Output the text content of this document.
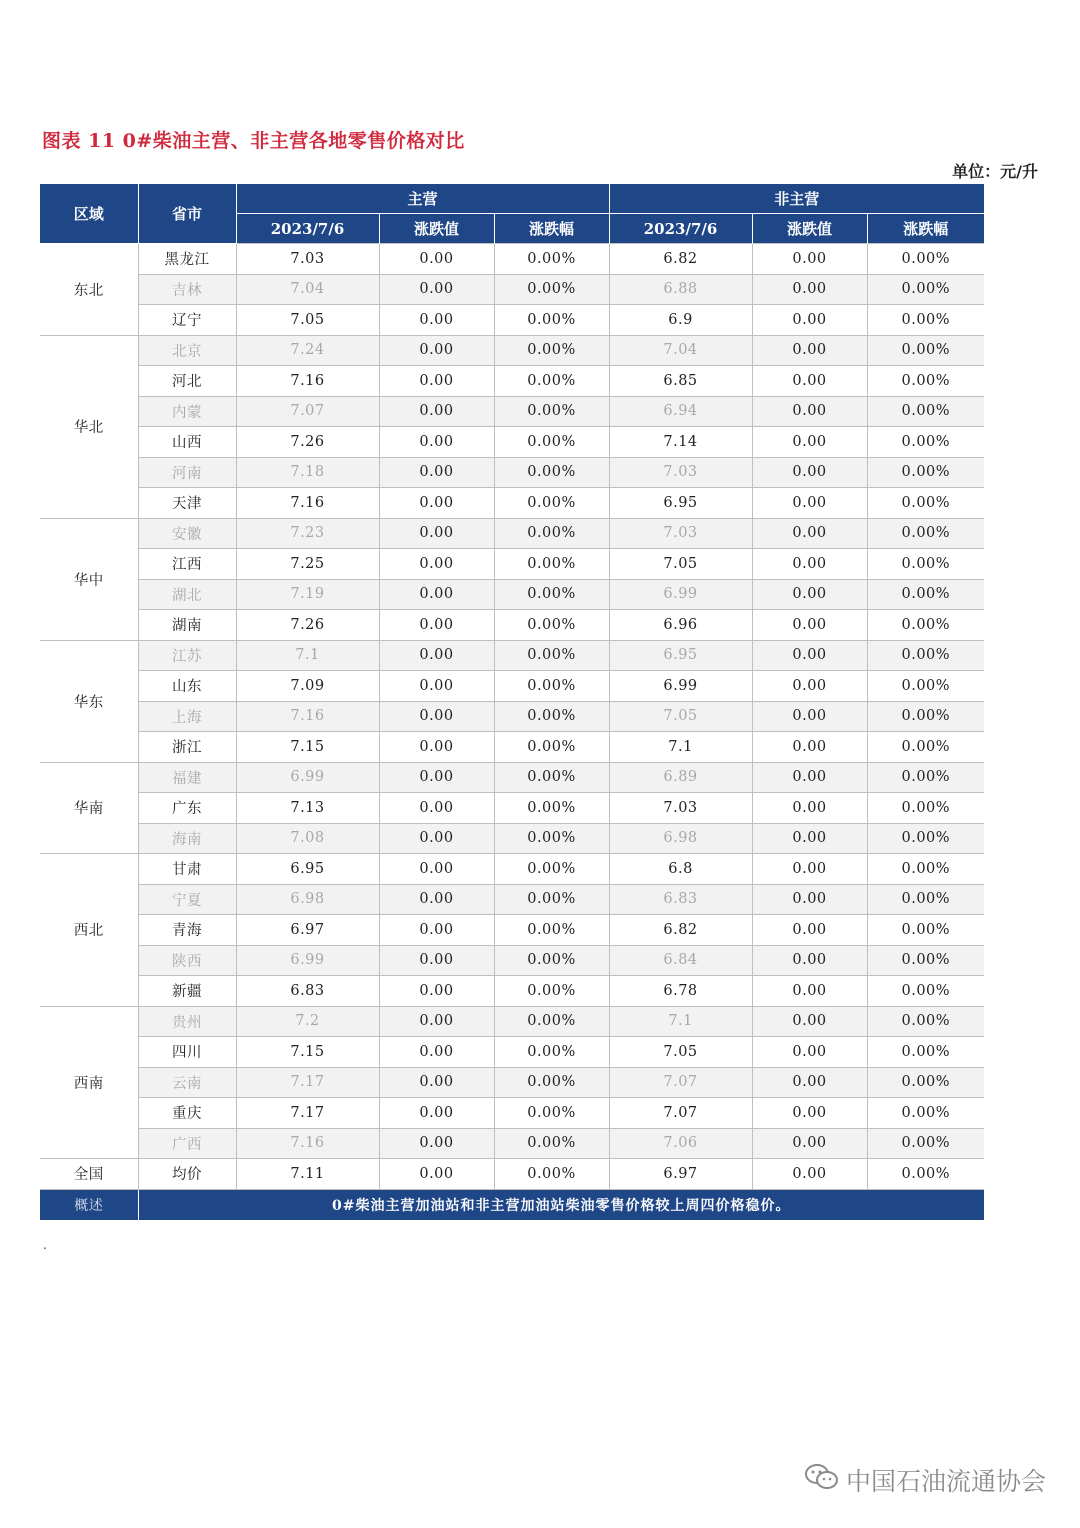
图表 11 0#柴油主营、非主营各地零售价格对比
单位：元/升
区域	省市	主营			非主营		
		2023/7/6	涨跌值	涨跌幅	2023/7/6	涨跌值	涨跌幅
东北	黑龙江	7.03	0.00	0.00%	6.82	0.00	0.00%
	吉林	7.04	0.00	0.00%	6.88	0.00	0.00%
	辽宁	7.05	0.00	0.00%	6.9	0.00	0.00%
华北	北京	7.24	0.00	0.00%	7.04	0.00	0.00%
	河北	7.16	0.00	0.00%	6.85	0.00	0.00%
	内蒙	7.07	0.00	0.00%	6.94	0.00	0.00%
	山西	7.26	0.00	0.00%	7.14	0.00	0.00%
	河南	7.18	0.00	0.00%	7.03	0.00	0.00%
	天津	7.16	0.00	0.00%	6.95	0.00	0.00%
华中	安徽	7.23	0.00	0.00%	7.03	0.00	0.00%
	江西	7.25	0.00	0.00%	7.05	0.00	0.00%
	湖北	7.19	0.00	0.00%	6.99	0.00	0.00%
	湖南	7.26	0.00	0.00%	6.96	0.00	0.00%
华东	江苏	7.1	0.00	0.00%	6.95	0.00	0.00%
	山东	7.09	0.00	0.00%	6.99	0.00	0.00%
	上海	7.16	0.00	0.00%	7.05	0.00	0.00%
	浙江	7.15	0.00	0.00%	7.1	0.00	0.00%
华南	福建	6.99	0.00	0.00%	6.89	0.00	0.00%
	广东	7.13	0.00	0.00%	7.03	0.00	0.00%
	海南	7.08	0.00	0.00%	6.98	0.00	0.00%
西北	甘肃	6.95	0.00	0.00%	6.8	0.00	0.00%
	宁夏	6.98	0.00	0.00%	6.83	0.00	0.00%
	青海	6.97	0.00	0.00%	6.82	0.00	0.00%
	陕西	6.99	0.00	0.00%	6.84	0.00	0.00%
	新疆	6.83	0.00	0.00%	6.78	0.00	0.00%
西南	贵州	7.2	0.00	0.00%	7.1	0.00	0.00%
	四川	7.15	0.00	0.00%	7.05	0.00	0.00%
	云南	7.17	0.00	0.00%	7.07	0.00	0.00%
	重庆	7.17	0.00	0.00%	7.07	0.00	0.00%
	广西	7.16	0.00	0.00%	7.06	0.00	0.00%
全国	均价	7.11	0.00	0.00%	6.97	0.00	0.00%
概述	0#柴油主营加油站和非主营加油站柴油零售价格较上周四价格稳价。						
.
中国石油流通协会
